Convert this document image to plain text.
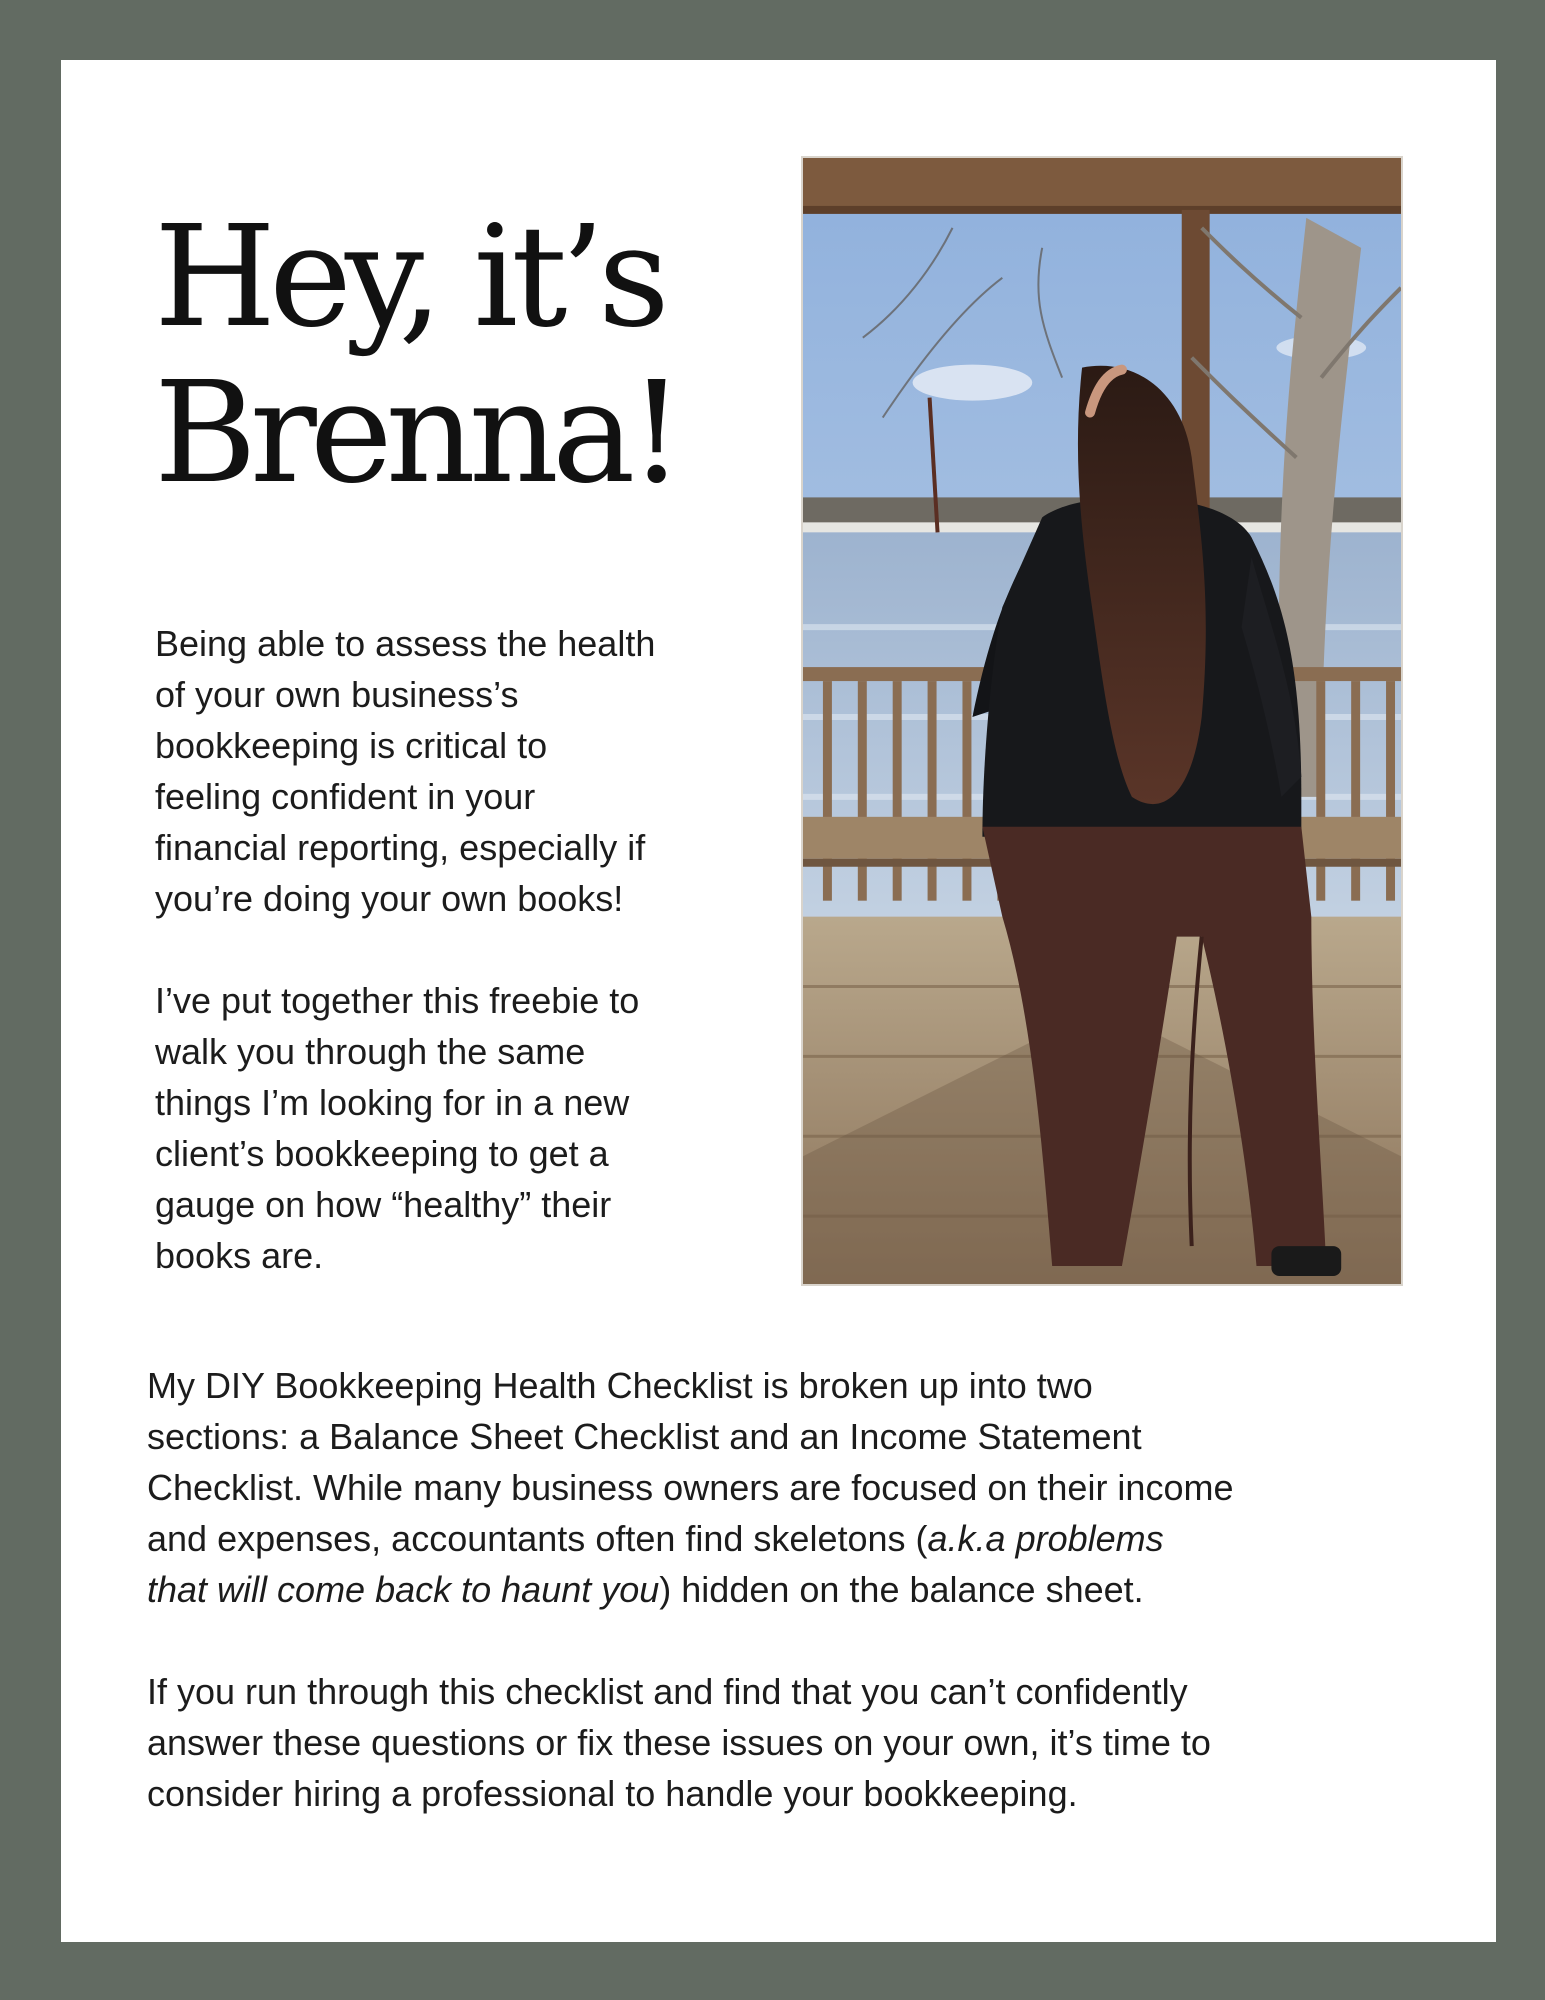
Hey, it’s
Brenna!

Being able to assess the health
of your own business’s
bookkeeping is critical to
feeling confident in your
financial reporting, especially if
you’re doing your own books!

I’ve put together this freebie to
walk you through the same
things I’m looking for in a new
client’s bookkeeping to get a
gauge on how “healthy” their
books are.

My DIY Bookkeeping Health Checklist is broken up into two
sections: a Balance Sheet Checklist and an Income Statement
Checklist. While many business owners are focused on their income
and expenses, accountants often find skeletons (a.k.a problems
that will come back to haunt you) hidden on the balance sheet.

If you run through this checklist and find that you can’t confidently
answer these questions or fix these issues on your own, it’s time to
consider hiring a professional to handle your bookkeeping.
